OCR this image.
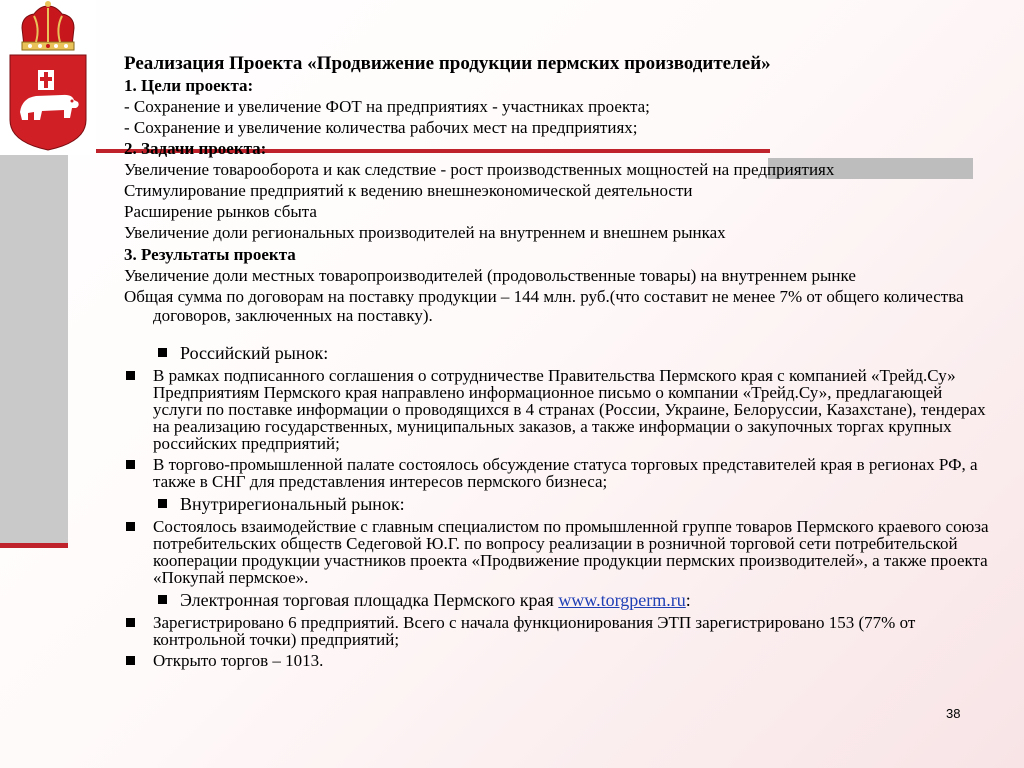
Реализация Проекта «Продвижение продукции пермских производителей»
1. Цели проекта:
- Сохранение и увеличение ФОТ на предприятиях - участниках проекта;
- Сохранение и увеличение количества рабочих мест на предприятиях;
2. Задачи проекта:
Увеличение товарооборота и как следствие - рост производственных мощностей на предприятиях
Стимулирование предприятий к ведению внешнеэкономической деятельности
Расширение рынков сбыта
Увеличение доли региональных производителей на внутреннем и внешнем рынках
3. Результаты проекта
Увеличение доли местных товаропроизводителей (продовольственные товары) на внутреннем рынке
Общая сумма по договорам на поставку продукции – 144 млн. руб.(что составит не менее 7% от общего количества договоров, заключенных на поставку).
Российский рынок:
В рамках подписанного соглашения о сотрудничестве Правительства Пермского края с компанией «Трейд.Су» Предприятиям Пермского края направлено информационное письмо о компании «Трейд.Су», предлагающей услуги по поставке информации о проводящихся в 4 странах (России, Украине, Белоруссии, Казахстане), тендерах на реализацию государственных, муниципальных заказов, а также информации о закупочных торгах крупных российских предприятий;
В торгово-промышленной палате состоялось обсуждение статуса торговых представителей края в регионах РФ, а также в СНГ для представления интересов пермского бизнеса;
Внутрирегиональный рынок:
Состоялось взаимодействие с главным специалистом по промышленной группе товаров Пермского краевого союза потребительских обществ Седеговой Ю.Г. по вопросу реализации в розничной торговой сети потребительской кооперации продукции участников проекта «Продвижение продукции пермских производителей», а также проекта «Покупай пермское».
Электронная торговая площадка Пермского края www.torgperm.ru:
Зарегистрировано 6 предприятий. Всего с начала функционирования ЭТП зарегистрировано 153 (77% от контрольной точки) предприятий;
Открыто торгов – 1013.
38
